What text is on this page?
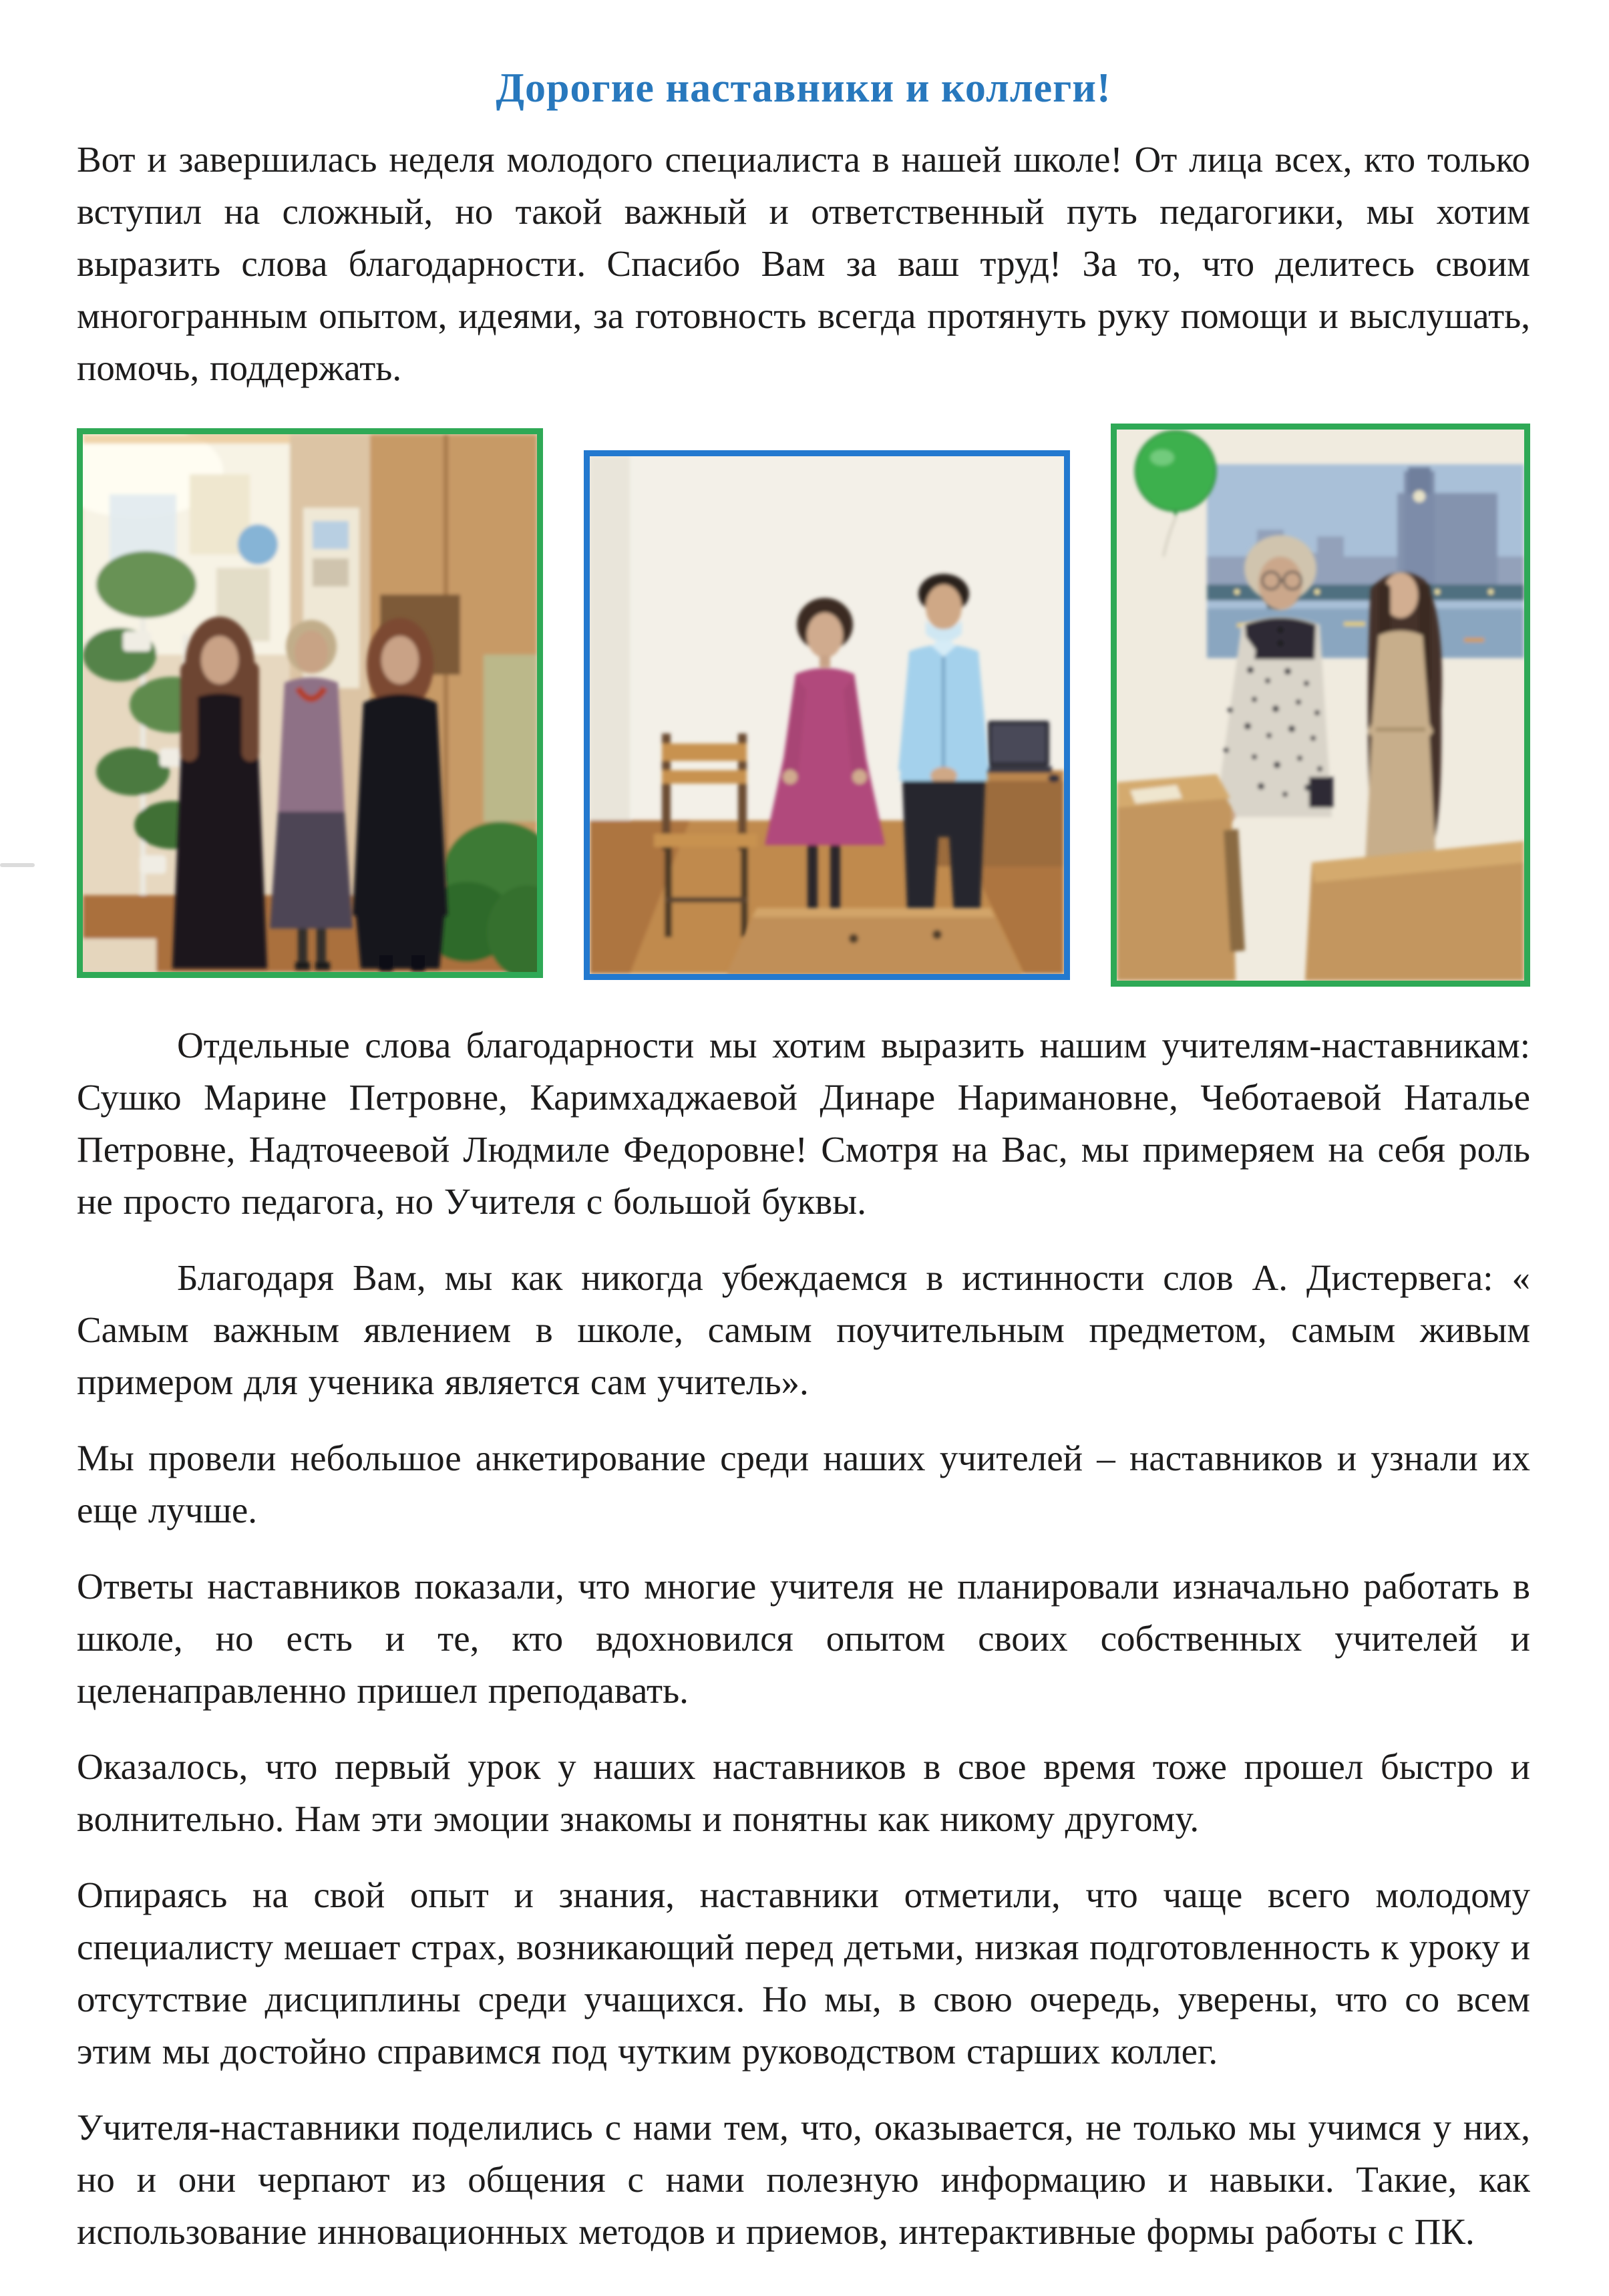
Дорогие наставники и коллеги!

Вот и завершилась неделя молодого специалиста в нашей школе! От лица всех, кто только вступил на сложный, но такой важный и ответственный путь педагогики, мы хотим выразить слова благодарности. Спасибо Вам за ваш труд! За то, что делитесь своим многогранным опытом, идеями, за готовность всегда протянуть руку помощи и выслушать, помочь, поддержать.

Отдельные слова благодарности мы хотим выразить нашим учителям-наставникам: Сушко Марине Петровне, Каримхаджаевой Динаре Наримановне, Чеботаевой Наталье Петровне, Надточеевой Людмиле Федоровне! Смотря на Вас, мы примеряем на себя роль не просто педагога, но Учителя с большой буквы.

Благодаря Вам, мы как никогда убеждаемся в истинности слов А. Дистервега: « Самым важным явлением в школе, самым поучительным предметом, самым живым примером для ученика является сам учитель».

Мы провели небольшое анкетирование среди наших учителей – наставников и узнали их еще лучше.

Ответы наставников показали, что многие учителя не планировали изначально работать в школе, но есть и те, кто вдохновился опытом своих собственных учителей и целенаправленно пришел преподавать.

Оказалось, что первый урок у наших наставников в свое время тоже прошел быстро и волнительно. Нам эти эмоции знакомы и понятны как никому другому.

Опираясь на свой опыт и знания, наставники отметили, что чаще всего молодому специалисту мешает страх, возникающий перед детьми, низкая подготовленность к уроку и отсутствие дисциплины среди учащихся. Но мы, в свою очередь, уверены, что со всем этим мы достойно справимся под чутким руководством старших коллег.

Учителя-наставники поделились с нами тем, что, оказывается, не только мы учимся у них, но и они черпают из общения с нами полезную информацию и навыки. Такие, как использование инновационных методов и приемов, интерактивные формы работы с ПК.
